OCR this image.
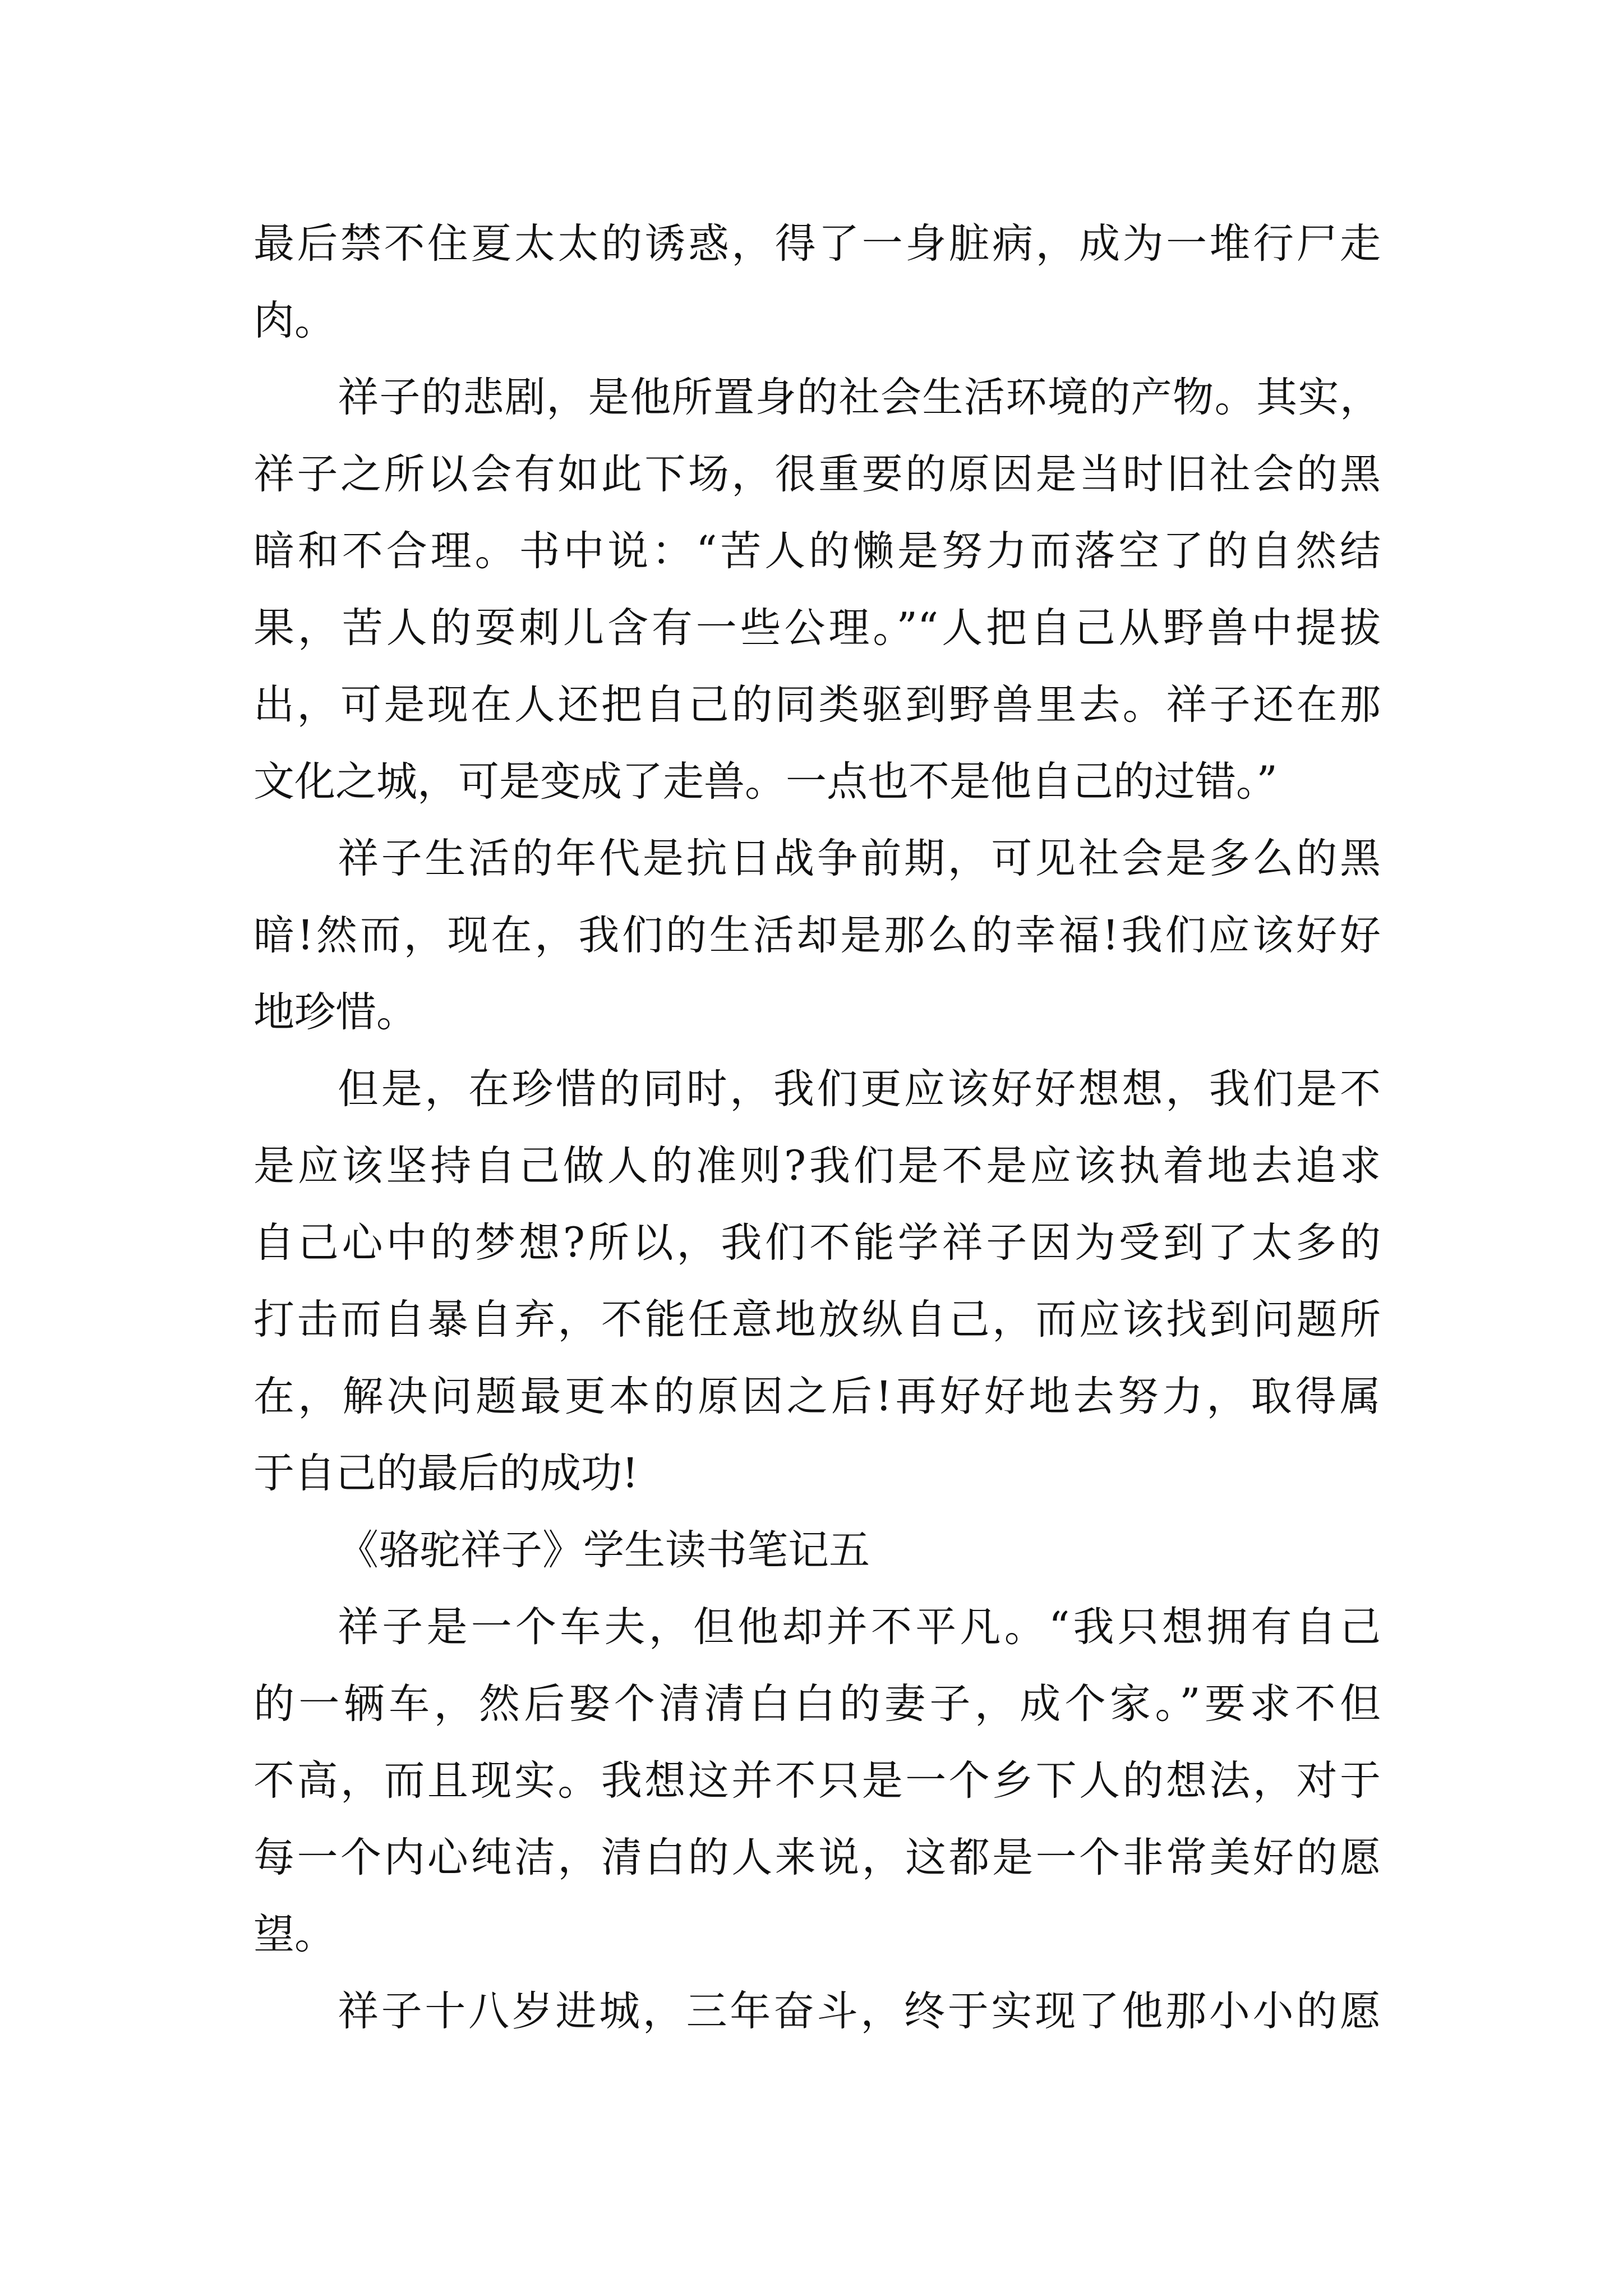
最后禁不住夏太太的诱惑，得了一身脏病，成为一堆行尸走
肉。
祥子的悲剧，是他所置身的社会生活环境的产物。其实，
祥子之所以会有如此下场，很重要的原因是当时旧社会的黑
暗和不合理。书中说：“苦人的懒是努力而落空了的自然结
果，苦人的耍刺儿含有一些公理。”“人把自己从野兽中提拔
出，可是现在人还把自己的同类驱到野兽里去。祥子还在那
文化之城，可是变成了走兽。一点也不是他自己的过错。”
祥子生活的年代是抗日战争前期，可见社会是多么的黑
暗!然而，现在，我们的生活却是那么的幸福!我们应该好好
地珍惜。
但是，在珍惜的同时，我们更应该好好想想，我们是不
是应该坚持自己做人的准则?我们是不是应该执着地去追求
自己心中的梦想?所以，我们不能学祥子因为受到了太多的
打击而自暴自弃，不能任意地放纵自己，而应该找到问题所
在，解决问题最更本的原因之后!再好好地去努力，取得属
于自己的最后的成功!
《骆驼祥子》学生读书笔记五
祥子是一个车夫，但他却并不平凡。“我只想拥有自己
的一辆车，然后娶个清清白白的妻子，成个家。”要求不但
不高，而且现实。我想这并不只是一个乡下人的想法，对于
每一个内心纯洁，清白的人来说，这都是一个非常美好的愿
望。
祥子十八岁进城，三年奋斗，终于实现了他那小小的愿
